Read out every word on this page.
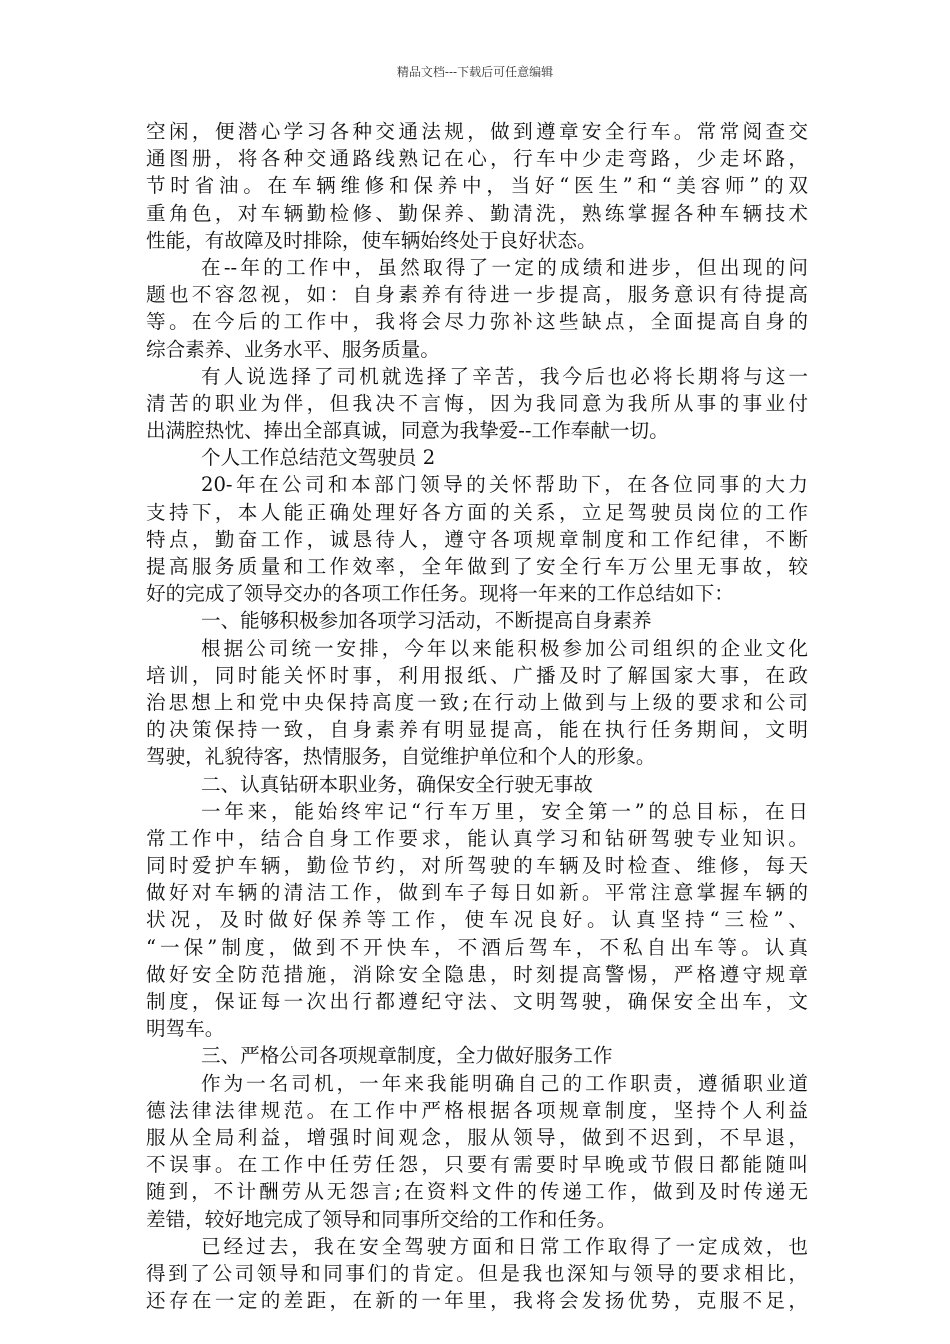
精品文档---下载后可任意编辑
空闲，便潜心学习各种交通法规，做到遵章安全行车。常常阅查交
通图册，将各种交通路线熟记在心，行车中少走弯路，少走坏路，
节时省油。在车辆维修和保养中，当好“医生”和“美容师”的双
重角色，对车辆勤检修、勤保养、勤清洗，熟练掌握各种车辆技术
性能，有故障及时排除，使车辆始终处于良好状态。
在--年的工作中，虽然取得了一定的成绩和进步，但出现的问
题也不容忽视，如：自身素养有待进一步提高，服务意识有待提高
等。在今后的工作中，我将会尽力弥补这些缺点，全面提高自身的
综合素养、业务水平、服务质量。
有人说选择了司机就选择了辛苦，我今后也必将长期将与这一
清苦的职业为伴，但我决不言悔，因为我同意为我所从事的事业付
出满腔热忱、捧出全部真诚，同意为我挚爱--工作奉献一切。
个人工作总结范文驾驶员 2
20-年在公司和本部门领导的关怀帮助下，在各位同事的大力
支持下，本人能正确处理好各方面的关系，立足驾驶员岗位的工作
特点，勤奋工作，诚恳待人，遵守各项规章制度和工作纪律，不断
提高服务质量和工作效率，全年做到了安全行车万公里无事故，较
好的完成了领导交办的各项工作任务。现将一年来的工作总结如下：
一、能够积极参加各项学习活动，不断提高自身素养
根据公司统一安排，今年以来能积极参加公司组织的企业文化
培训，同时能关怀时事，利用报纸、广播及时了解国家大事，在政
治思想上和党中央保持高度一致;在行动上做到与上级的要求和公司
的决策保持一致，自身素养有明显提高，能在执行任务期间，文明
驾驶，礼貌待客，热情服务，自觉维护单位和个人的形象。
二、认真钻研本职业务，确保安全行驶无事故
一年来，能始终牢记“行车万里，安全第一”的总目标，在日
常工作中，结合自身工作要求，能认真学习和钻研驾驶专业知识。
同时爱护车辆，勤俭节约，对所驾驶的车辆及时检查、维修，每天
做好对车辆的清洁工作，做到车子每日如新。平常注意掌握车辆的
状况，及时做好保养等工作，使车况良好。认真坚持“三检”、
“一保”制度，做到不开快车，不酒后驾车，不私自出车等。认真
做好安全防范措施，消除安全隐患，时刻提高警惕，严格遵守规章
制度，保证每一次出行都遵纪守法、文明驾驶，确保安全出车，文
明驾车。
三、严格公司各项规章制度，全力做好服务工作
作为一名司机，一年来我能明确自己的工作职责，遵循职业道
德法律法律规范。在工作中严格根据各项规章制度，坚持个人利益
服从全局利益，增强时间观念，服从领导，做到不迟到，不早退，
不误事。在工作中任劳任怨，只要有需要时早晚或节假日都能随叫
随到，不计酬劳从无怨言;在资料文件的传递工作，做到及时传递无
差错，较好地完成了领导和同事所交给的工作和任务。
已经过去，我在安全驾驶方面和日常工作取得了一定成效，也
得到了公司领导和同事们的肯定。但是我也深知与领导的要求相比，
还存在一定的差距，在新的一年里，我将会发扬优势，克服不足，
